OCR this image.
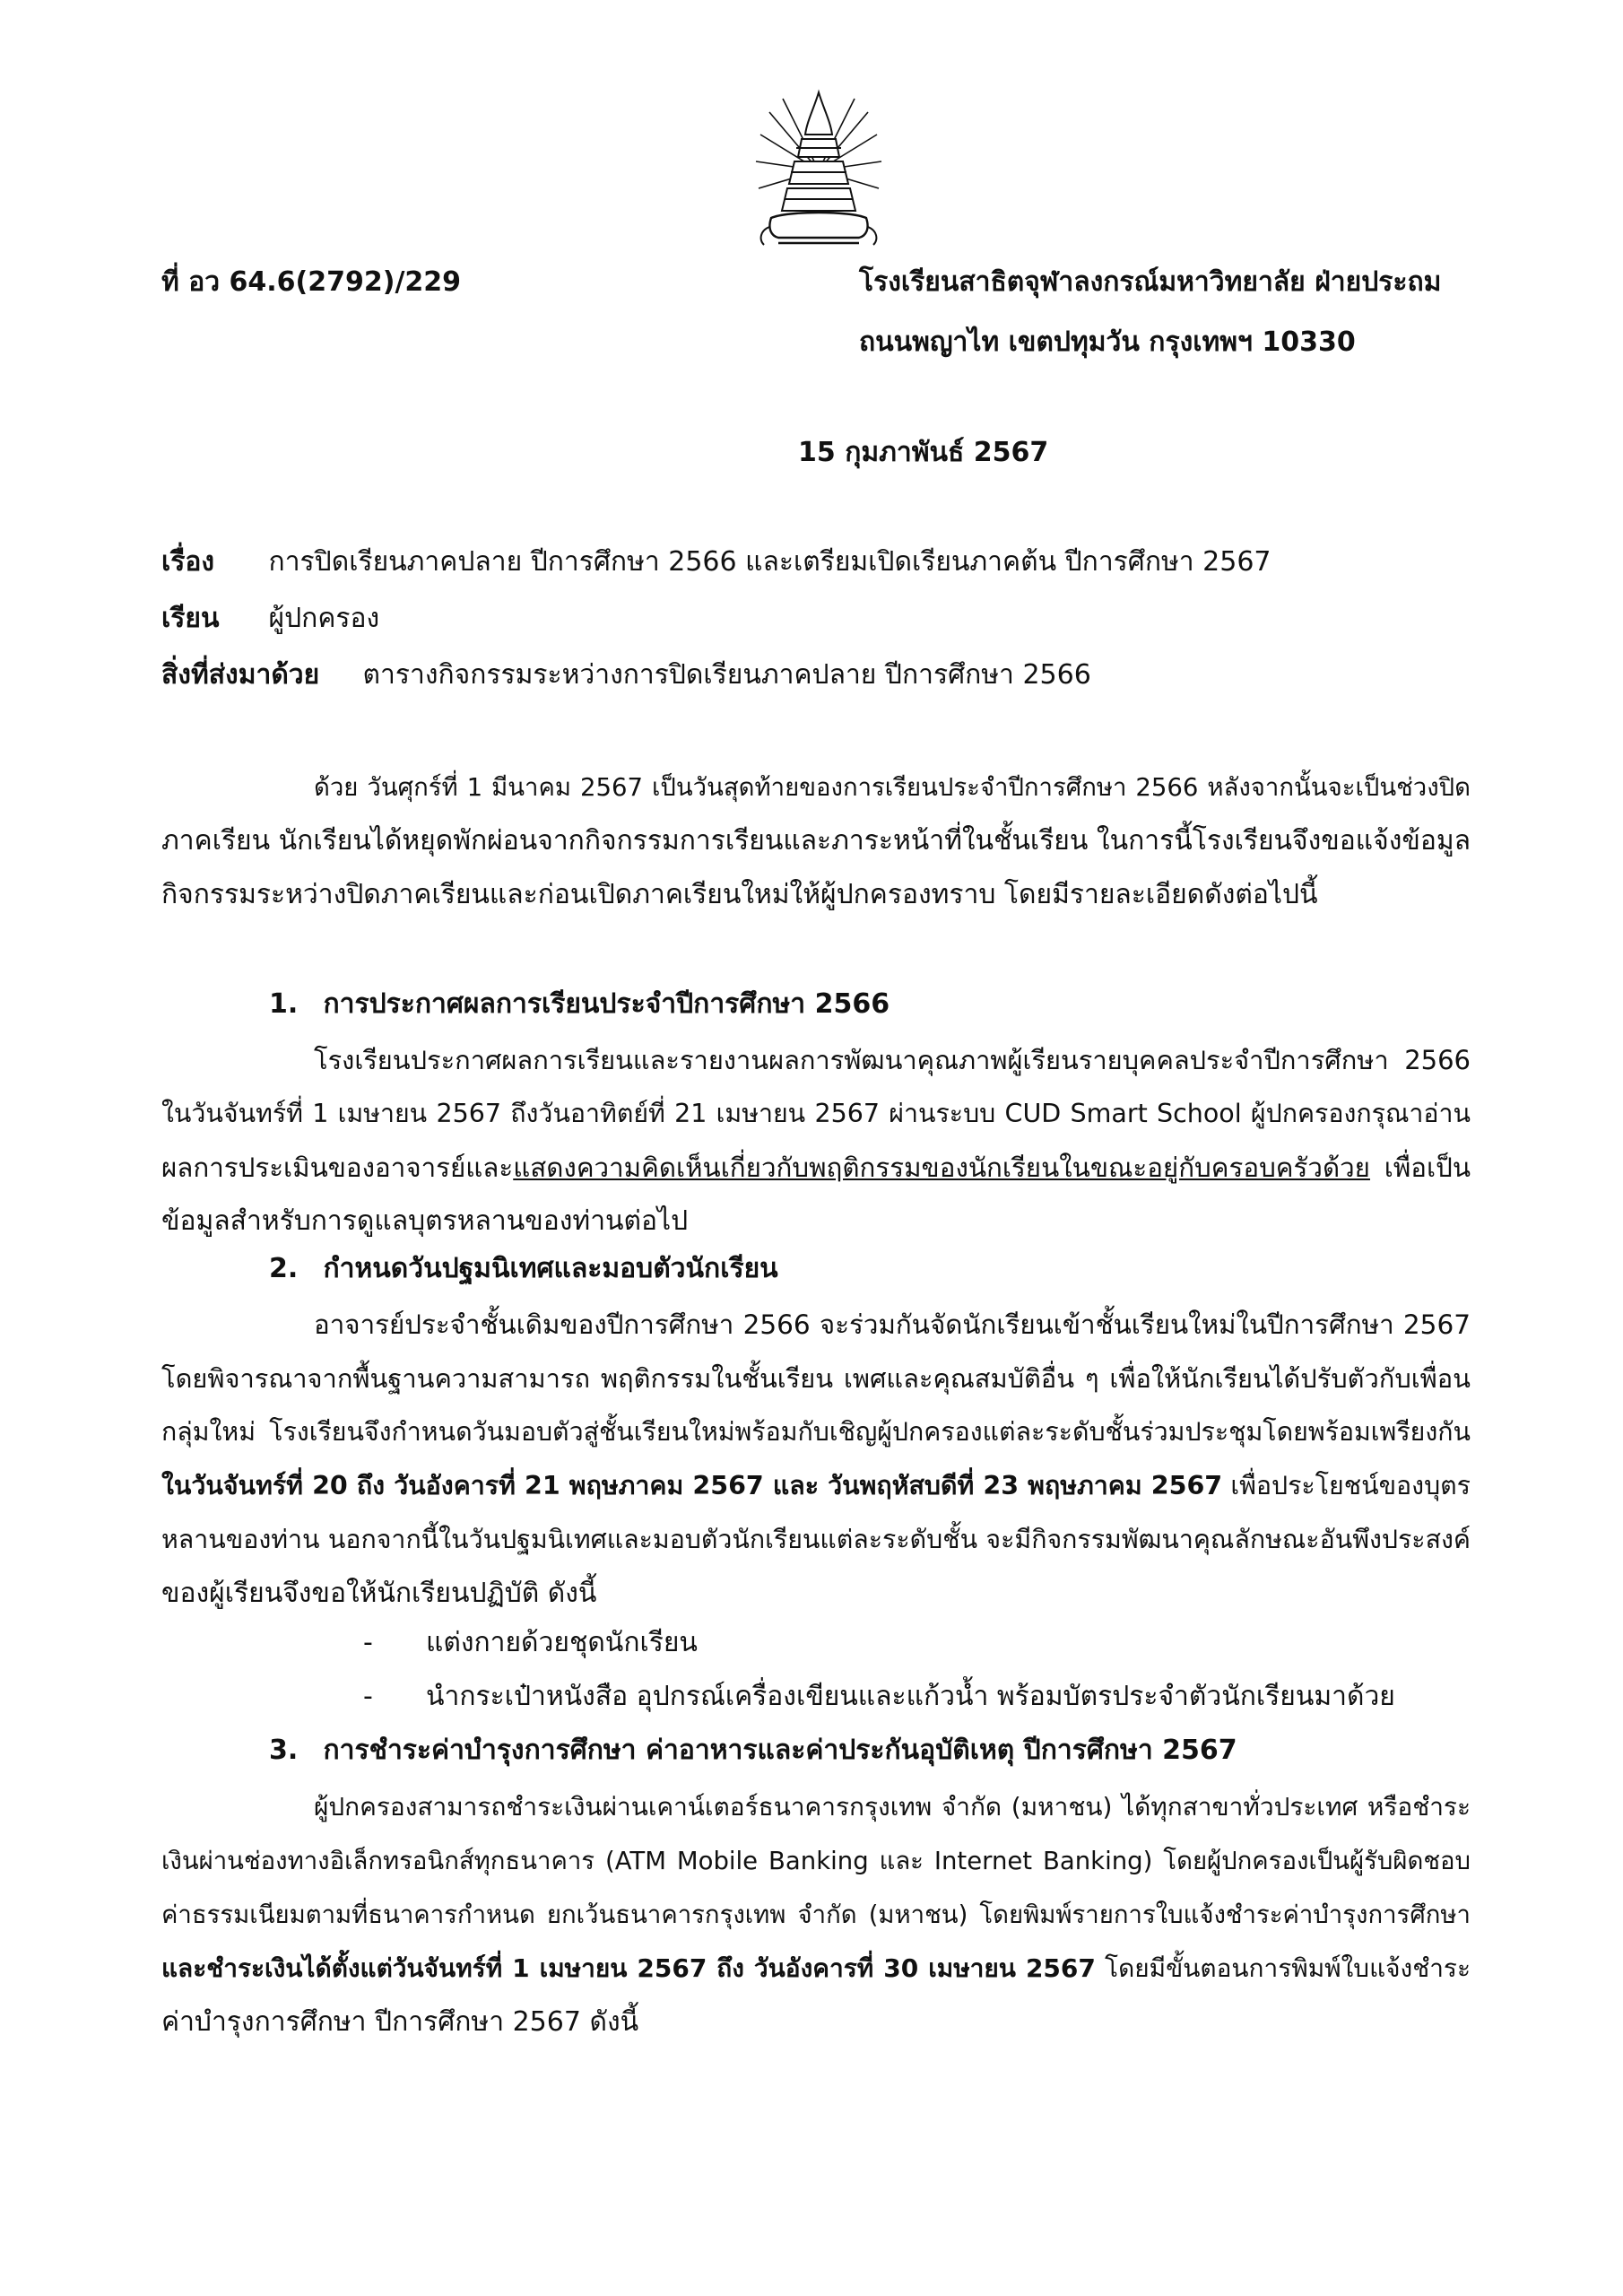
ที่ อว 64.6(2792)/229	โรงเรียนสาธิตจุฬาลงกรณ์มหาวิทยาลัย ฝ่ายประถม
ถนนพญาไท เขตปทุมวัน กรุงเทพฯ 10330
15 กุมภาพันธ์ 2567
เรื่อง การปิดเรียนภาคปลาย ปีการศึกษา 2566 และเตรียมเปิดเรียนภาคต้น ปีการศึกษา 2567
เรียน ผู้ปกครอง
สิ่งที่ส่งมาด้วย ตารางกิจกรรมระหว่างการปิดเรียนภาคปลาย ปีการศึกษา 2566
ด้วย วันศุกร์ที่ 1 มีนาคม 2567 เป็นวันสุดท้ายของการเรียนประจำปีการศึกษา 2566 หลังจากนั้นจะเป็นช่วงปิด
ภาคเรียน นักเรียนได้หยุดพักผ่อนจากกิจกรรมการเรียนและภาระหน้าที่ในชั้นเรียน ในการนี้โรงเรียนจึงขอแจ้งข้อมูล
กิจกรรมระหว่างปิดภาคเรียนและก่อนเปิดภาคเรียนใหม่ให้ผู้ปกครองทราบ โดยมีรายละเอียดดังต่อไปนี้
1. การประกาศผลการเรียนประจำปีการศึกษา 2566
โรงเรียนประกาศผลการเรียนและรายงานผลการพัฒนาคุณภาพผู้เรียนรายบุคคลประจำปีการศึกษา 2566
ในวันจันทร์ที่ 1 เมษายน 2567 ถึงวันอาทิตย์ที่ 21 เมษายน 2567 ผ่านระบบ CUD Smart School ผู้ปกครองกรุณาอ่าน
ผลการประเมินของอาจารย์และแสดงความคิดเห็นเกี่ยวกับพฤติกรรมของนักเรียนในขณะอยู่กับครอบครัวด้วย เพื่อเป็น
ข้อมูลสำหรับการดูแลบุตรหลานของท่านต่อไป
2. กำหนดวันปฐมนิเทศและมอบตัวนักเรียน
อาจารย์ประจำชั้นเดิมของปีการศึกษา 2566 จะร่วมกันจัดนักเรียนเข้าชั้นเรียนใหม่ในปีการศึกษา 2567
โดยพิจารณาจากพื้นฐานความสามารถ พฤติกรรมในชั้นเรียน เพศและคุณสมบัติอื่น ๆ เพื่อให้นักเรียนได้ปรับตัวกับเพื่อน
กลุ่มใหม่ โรงเรียนจึงกำหนดวันมอบตัวสู่ชั้นเรียนใหม่พร้อมกับเชิญผู้ปกครองแต่ละระดับชั้นร่วมประชุมโดยพร้อมเพรียงกัน
ในวันจันทร์ที่ 20 ถึง วันอังคารที่ 21 พฤษภาคม 2567 และ วันพฤหัสบดีที่ 23 พฤษภาคม 2567 เพื่อประโยชน์ของบุตร
หลานของท่าน นอกจากนี้ในวันปฐมนิเทศและมอบตัวนักเรียนแต่ละระดับชั้น จะมีกิจกรรมพัฒนาคุณลักษณะอันพึงประสงค์
ของผู้เรียนจึงขอให้นักเรียนปฏิบัติ ดังนี้
- แต่งกายด้วยชุดนักเรียน
- นำกระเป๋าหนังสือ อุปกรณ์เครื่องเขียนและแก้วน้ำ พร้อมบัตรประจำตัวนักเรียนมาด้วย
3. การชำระค่าบำรุงการศึกษา ค่าอาหารและค่าประกันอุบัติเหตุ ปีการศึกษา 2567
ผู้ปกครองสามารถชำระเงินผ่านเคาน์เตอร์ธนาคารกรุงเทพ จำกัด (มหาชน) ได้ทุกสาขาทั่วประเทศ หรือชำระ
เงินผ่านช่องทางอิเล็กทรอนิกส์ทุกธนาคาร (ATM Mobile Banking และ Internet Banking) โดยผู้ปกครองเป็นผู้รับผิดชอบ
ค่าธรรมเนียมตามที่ธนาคารกำหนด ยกเว้นธนาคารกรุงเทพ จำกัด (มหาชน) โดยพิมพ์รายการใบแจ้งชำระค่าบำรุงการศึกษา
และชำระเงินได้ตั้งแต่วันจันทร์ที่ 1 เมษายน 2567 ถึง วันอังคารที่ 30 เมษายน 2567 โดยมีขั้นตอนการพิมพ์ใบแจ้งชำระ
ค่าบำรุงการศึกษา ปีการศึกษา 2567 ดังนี้
